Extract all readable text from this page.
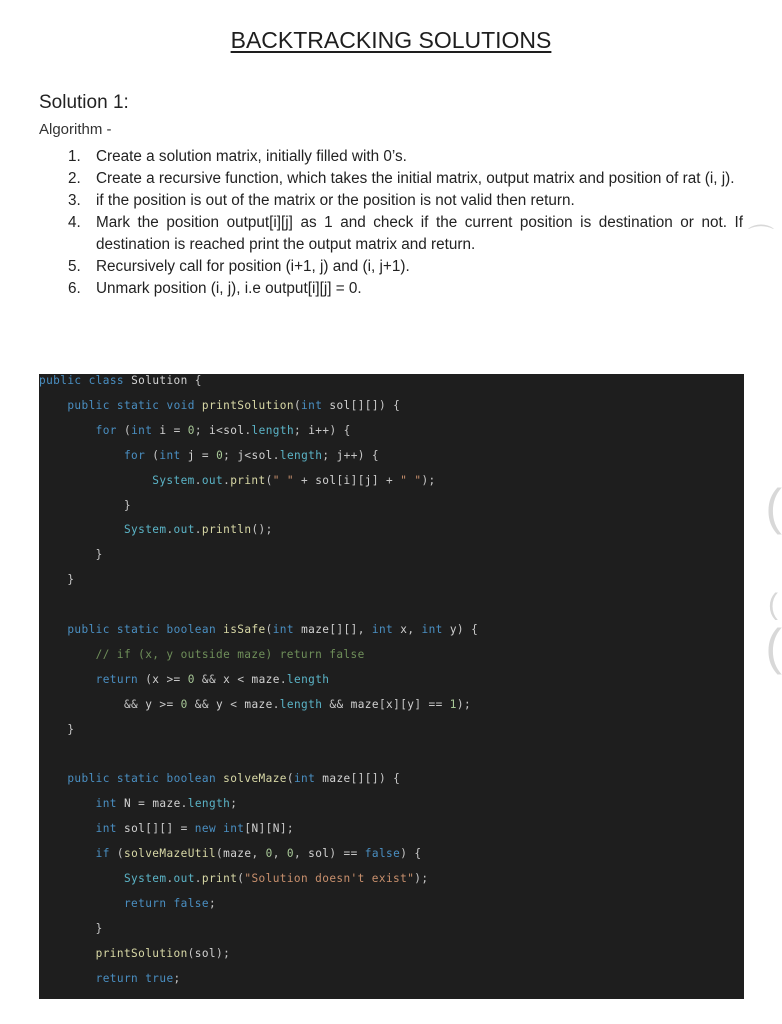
BACKTRACKING SOLUTIONS
Solution 1:
Algorithm -
1. Create a solution matrix, initially filled with 0’s.
2. Create a recursive function, which takes the initial matrix, output matrix and position of rat (i, j).
3. if the position is out of the matrix or the position is not valid then return.
4. Mark the position output[i][j] as 1 and check if the current position is destination or not. If destination is reached print the output matrix and return.
5. Recursively call for position (i+1, j) and (i, j+1).
6. Unmark position (i, j), i.e output[i][j] = 0.
public class Solution {
public static void printSolution(int sol[][]) {
for (int i = 0; i<sol.length; i++) {
for (int j = 0; j<sol.length; j++) {
System.out.print(" " + sol[i][j] + " ");
}
System.out.println();
}
}
public static boolean isSafe(int maze[][], int x, int y) {
// if (x, y outside maze) return false
return (x >= 0 && x < maze.length
&& y >= 0 && y < maze.length && maze[x][y] == 1);
}
public static boolean solveMaze(int maze[][]) {
int N = maze.length;
int sol[][] = new int[N][N];
if (solveMazeUtil(maze, 0, 0, sol) == false) {
System.out.print("Solution doesn't exist");
return false;
}
printSolution(sol);
return true;
⌒
(
(
(
